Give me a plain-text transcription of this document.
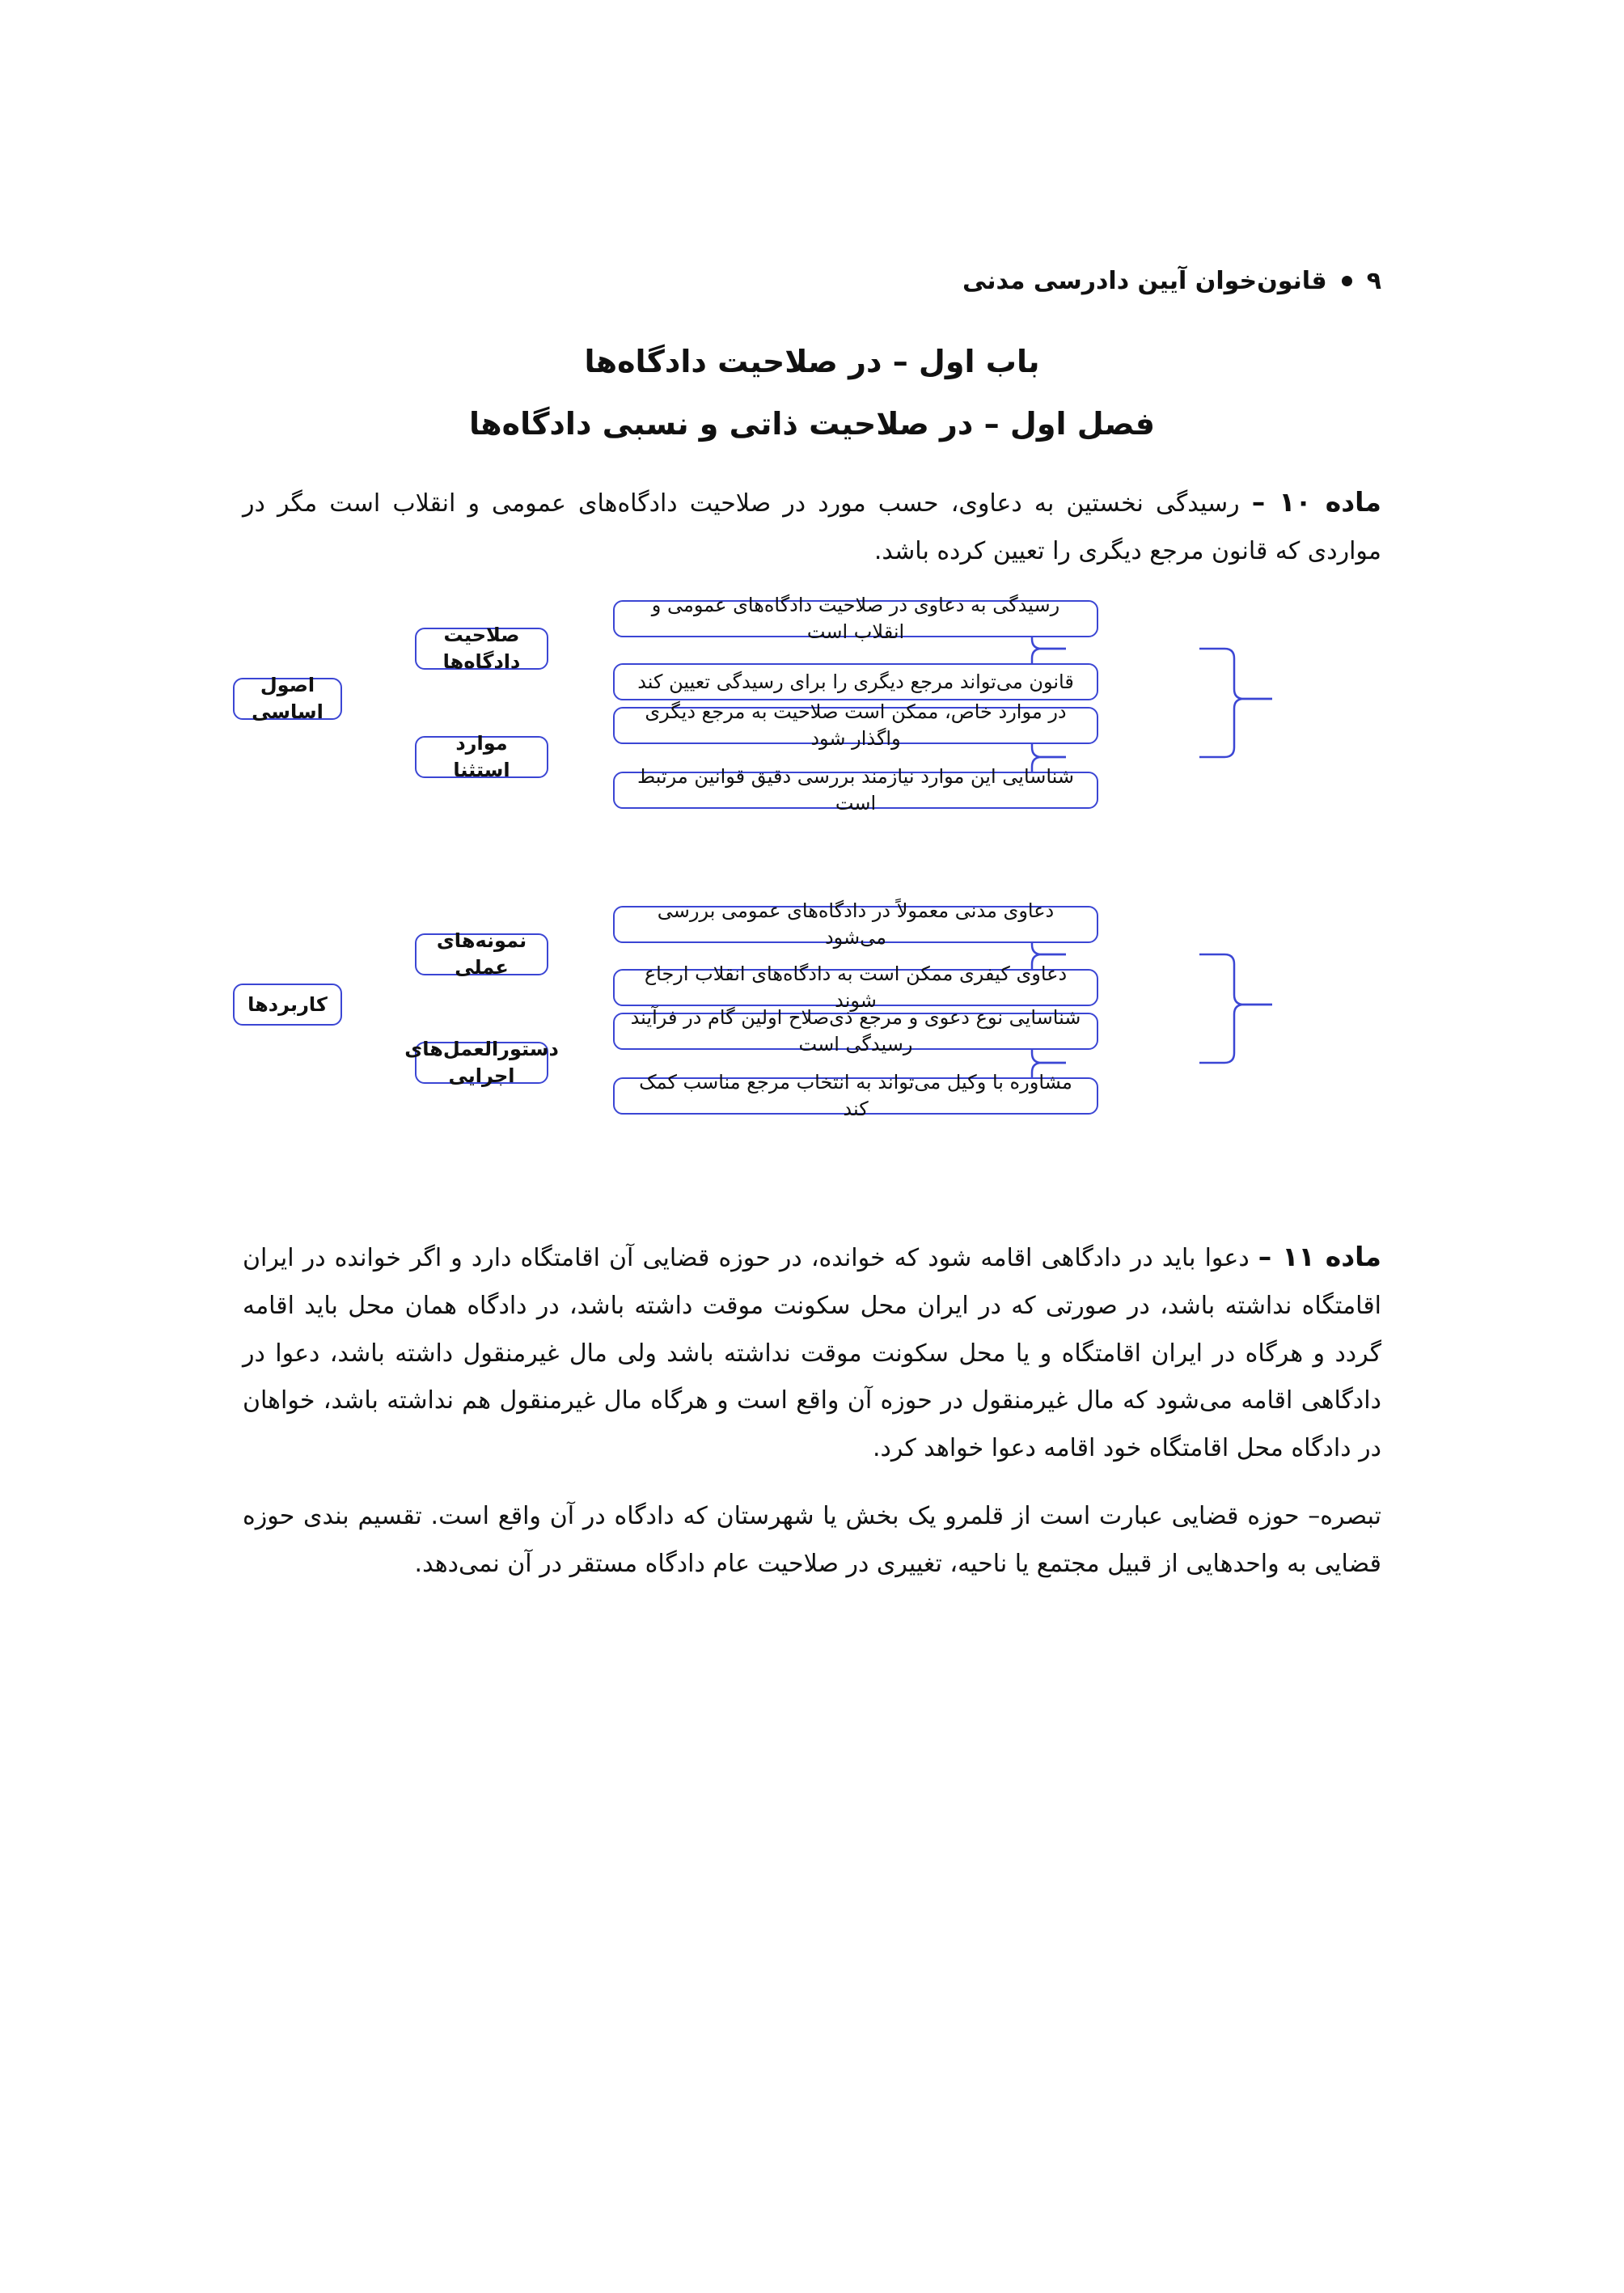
۹
قانون‌خوان آیین دادرسی مدنی
باب اول – در صلاحیت دادگاه‌ها
فصل اول – در صلاحیت ذاتی و نسبی دادگاه‌ها

ماده ۱۰ – رسیدگی نخستین به دعاوی، حسب مورد در صلاحیت دادگاه‌های عمومی و انقلاب است مگر در مواردی که قانون مرجع دیگری را تعیین کرده باشد.

اصول اساسی
صلاحیت دادگاه‌ها
موارد استثنا
رسیدگی به دعاوی در صلاحیت دادگاه‌های عمومی و انقلاب است
قانون می‌تواند مرجع دیگری را برای رسیدگی تعیین کند
در موارد خاص، ممکن است صلاحیت به مرجع دیگری واگذار شود
شناسایی این موارد نیازمند بررسی دقیق قوانین مرتبط است
کاربردها
نمونه‌های عملی
دستورالعمل‌های اجرایی
دعاوی مدنی معمولاً در دادگاه‌های عمومی بررسی می‌شود
دعاوی کیفری ممکن است به دادگاه‌های انقلاب ارجاع شوند
شناسایی نوع دعوی و مرجع ذی‌صلاح اولین گام در فرآیند رسیدگی است
مشاوره با وکیل می‌تواند به انتخاب مرجع مناسب کمک کند

ماده ۱۱ – دعوا باید در دادگاهی اقامه شود که خوانده، در حوزه قضایی آن اقامتگاه دارد و اگر خوانده در ایران اقامتگاه نداشته باشد، در صورتی که در ایران محل سکونت موقت داشته باشد، در دادگاه همان محل باید اقامه گردد و هرگاه در ایران اقامتگاه و یا محل سکونت موقت نداشته باشد ولی مال غیرمنقول داشته باشد، دعوا در دادگاهی اقامه می‌شود که مال غیرمنقول در حوزه آن واقع است و هرگاه مال غیرمنقول هم نداشته باشد، خواهان در دادگاه محل اقامتگاه خود اقامه دعوا خواهد کرد.

تبصره– حوزه قضایی عبارت است از قلمرو یک بخش یا شهرستان که دادگاه در آن واقع است. تقسیم بندی حوزه قضایی به واحدهایی از قبیل مجتمع یا ناحیه، تغییری در صلاحیت عام دادگاه مستقر در آن نمی‌دهد.
